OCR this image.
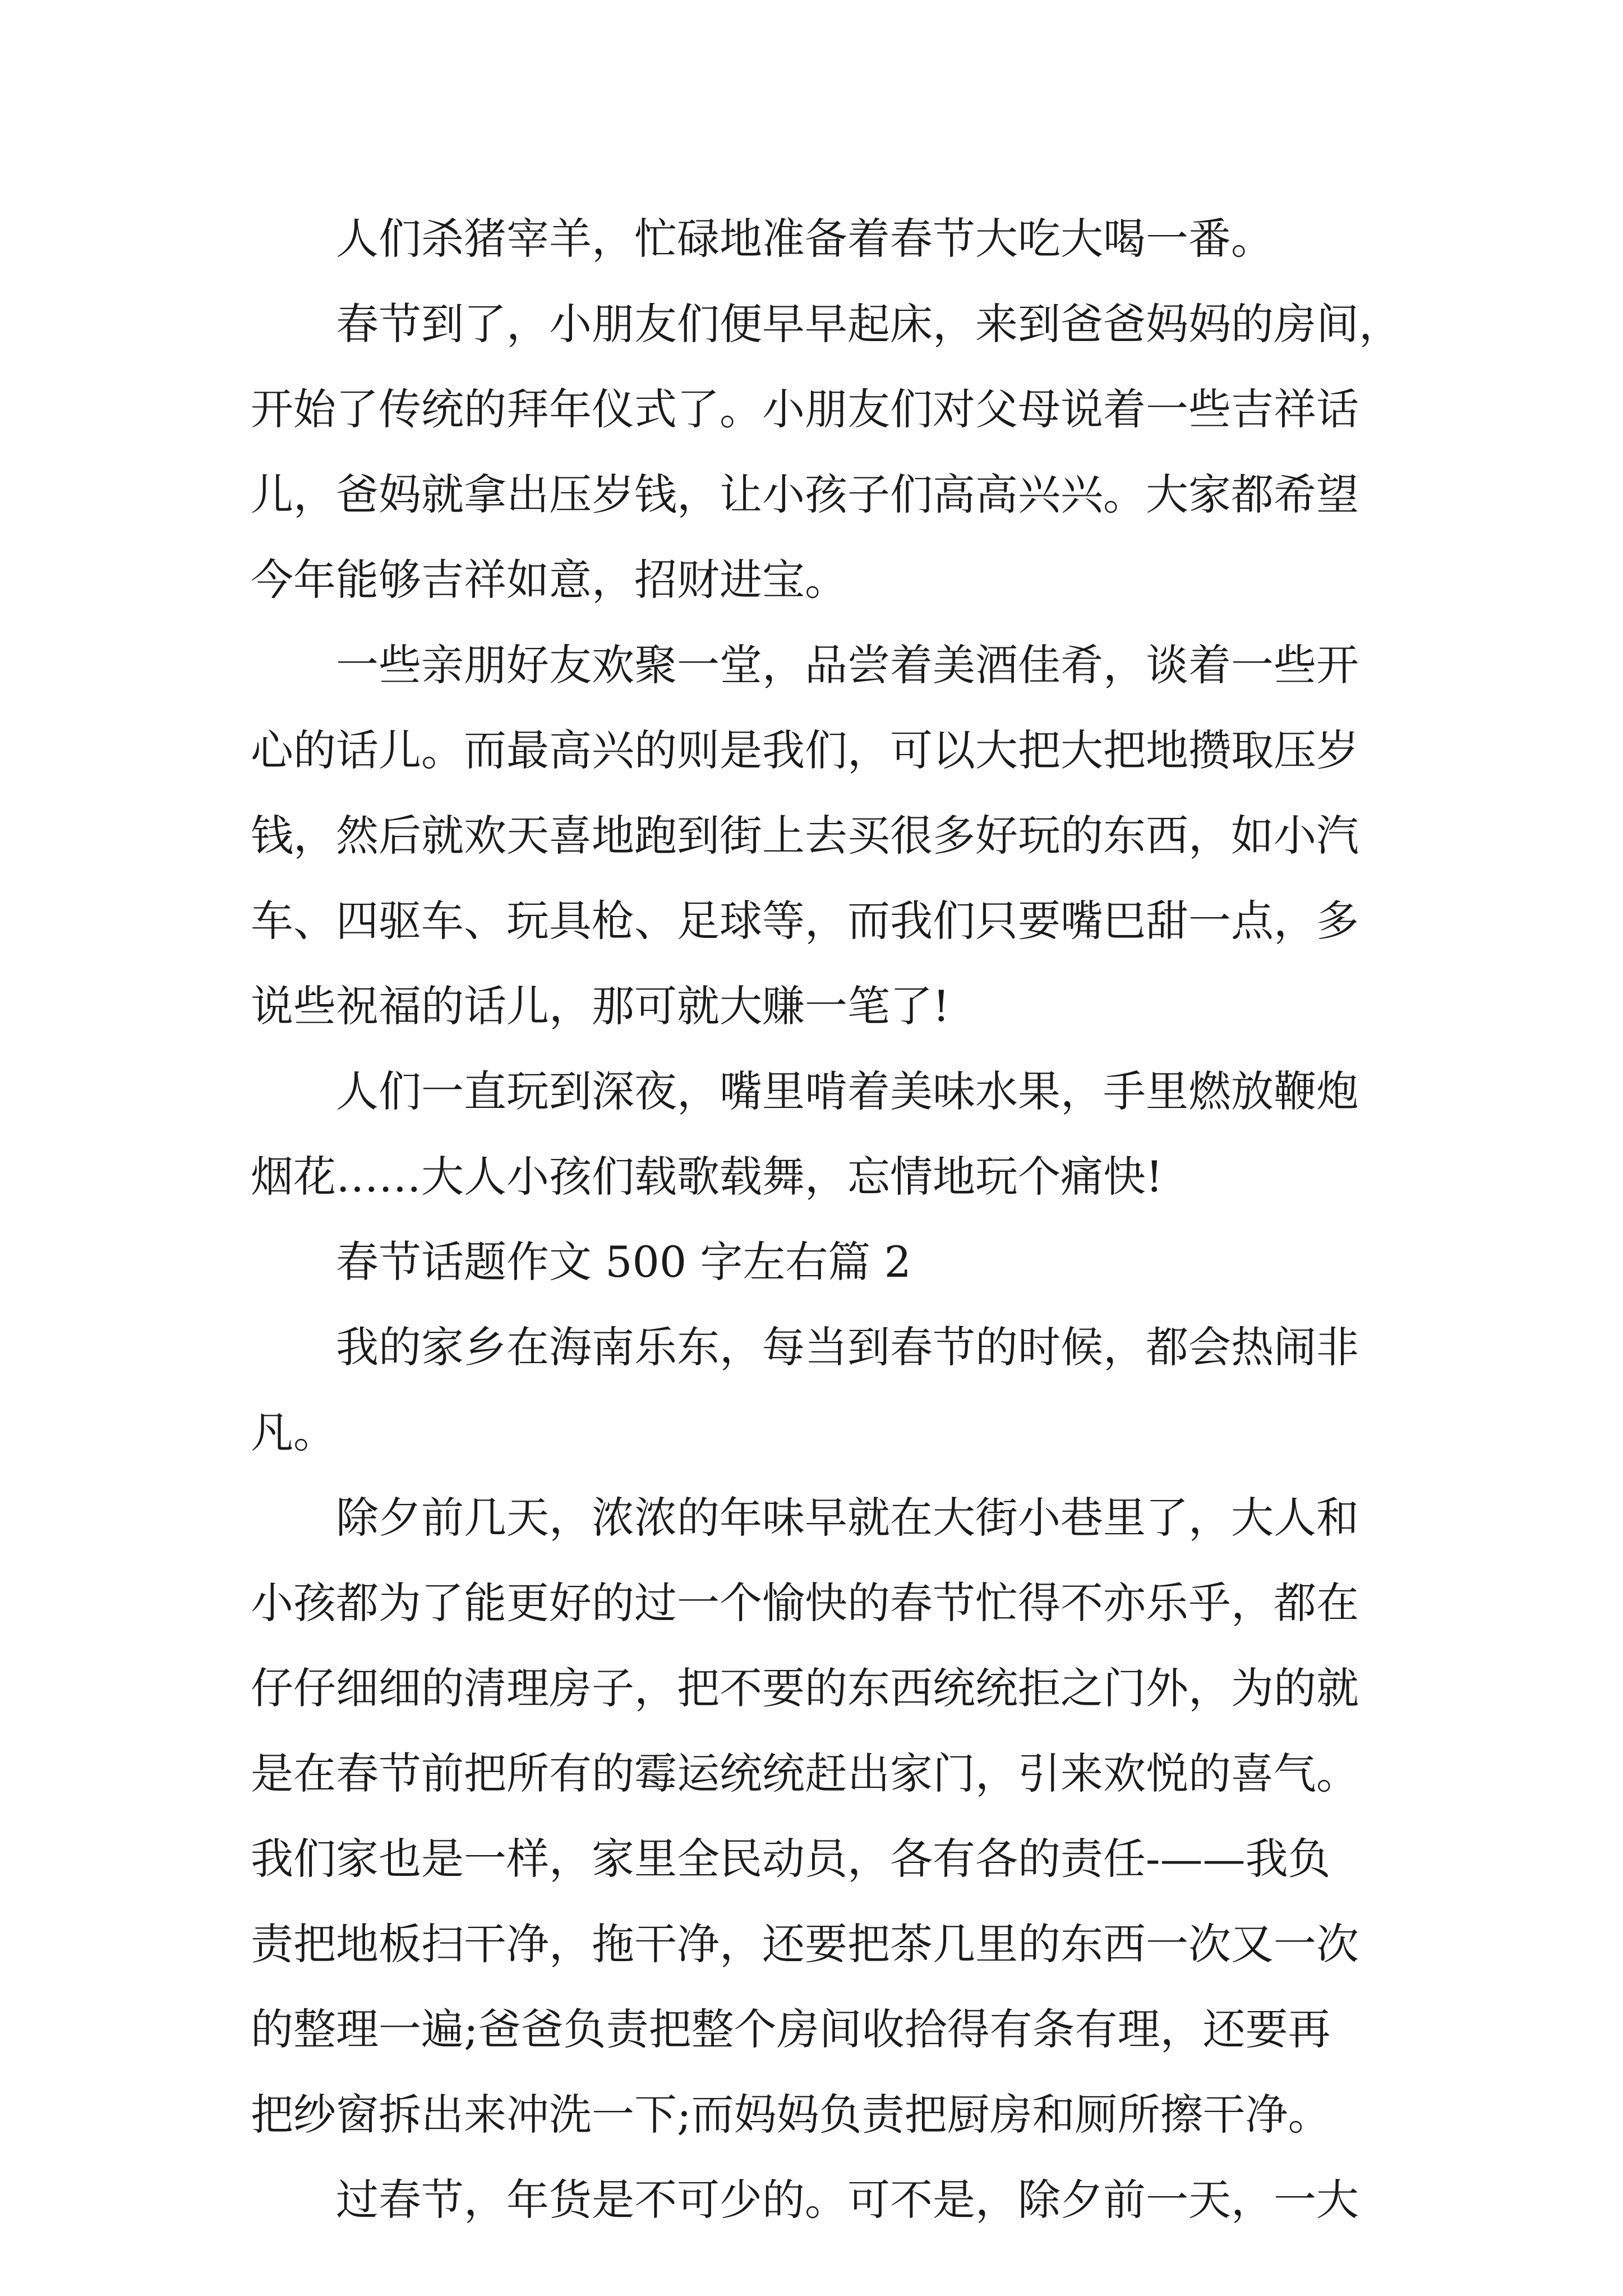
人们杀猪宰羊，忙碌地准备着春节大吃大喝一番。
春节到了，小朋友们便早早起床，来到爸爸妈妈的房间，
开始了传统的拜年仪式了。小朋友们对父母说着一些吉祥话
儿，爸妈就拿出压岁钱，让小孩子们高高兴兴。大家都希望
今年能够吉祥如意，招财进宝。
一些亲朋好友欢聚一堂，品尝着美酒佳肴，谈着一些开
心的话儿。而最高兴的则是我们，可以大把大把地攒取压岁
钱，然后就欢天喜地跑到街上去买很多好玩的东西，如小汽
车、四驱车、玩具枪、足球等，而我们只要嘴巴甜一点，多
说些祝福的话儿，那可就大赚一笔了!
人们一直玩到深夜，嘴里啃着美味水果，手里燃放鞭炮
烟花……大人小孩们载歌载舞，忘情地玩个痛快!
春节话题作文 500 字左右篇 2
我的家乡在海南乐东，每当到春节的时候，都会热闹非
凡。
除夕前几天，浓浓的年味早就在大街小巷里了，大人和
小孩都为了能更好的过一个愉快的春节忙得不亦乐乎，都在
仔仔细细的清理房子，把不要的东西统统拒之门外，为的就
是在春节前把所有的霉运统统赶出家门，引来欢悦的喜气。
我们家也是一样，家里全民动员，各有各的责任-——我负
责把地板扫干净，拖干净，还要把茶几里的东西一次又一次
的整理一遍;爸爸负责把整个房间收拾得有条有理，还要再
把纱窗拆出来冲洗一下;而妈妈负责把厨房和厕所擦干净。
过春节，年货是不可少的。可不是，除夕前一天，一大
